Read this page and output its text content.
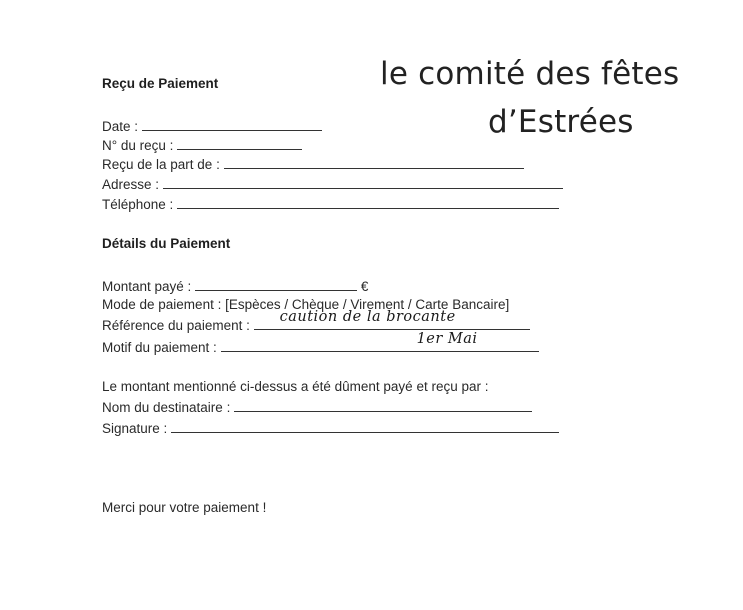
le comité des fêtes
d’Estrées
Reçu de Paiement
Date :
N° du reçu :
Reçu de la part de :
Adresse :
Téléphone :
Détails du Paiement
Montant payé :	€
Mode de paiement : [Espèces / Chèque / Virement / Carte Bancaire]
Référence du paiement :
caution de la brocante
Motif du paiement :
1er Mai
Le montant mentionné ci-dessus a été dûment payé et reçu par :
Nom du destinataire :
Signature :
Merci pour votre paiement !
